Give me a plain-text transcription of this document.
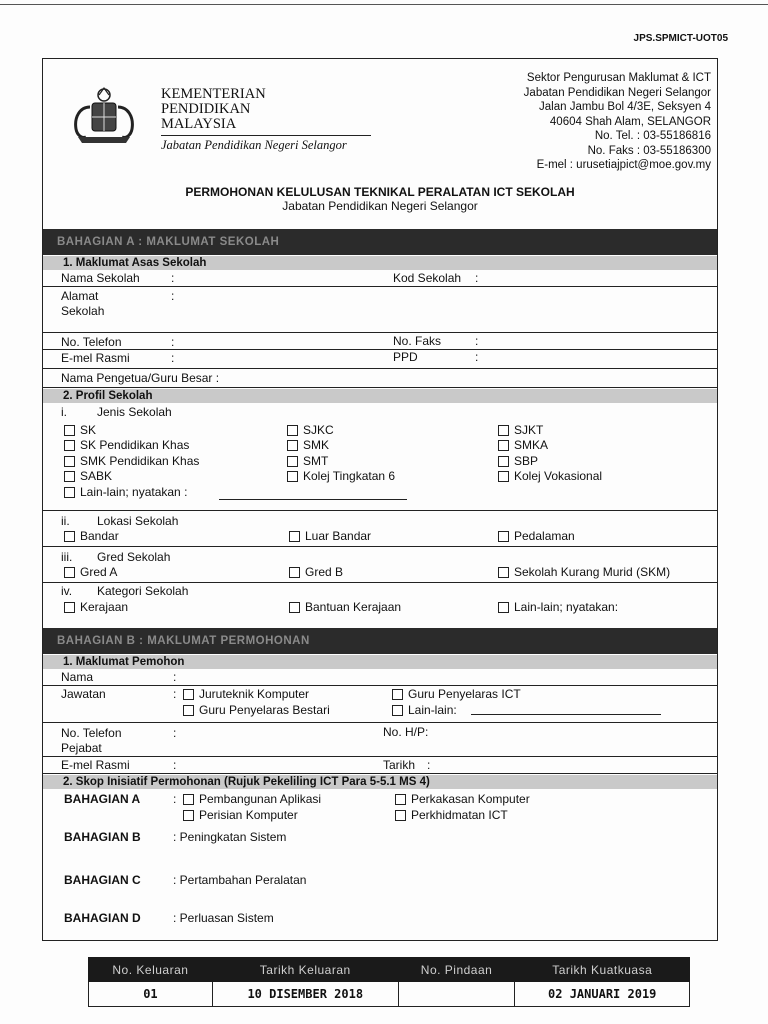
JPS.SPMICT-UOT05
KEMENTERIAN
PENDIDIKAN
MALAYSIA
Jabatan Pendidikan Negeri Selangor
Sektor Pengurusan Maklumat & ICT
Jabatan Pendidikan Negeri Selangor
Jalan Jambu Bol 4/3E, Seksyen 4
40604 Shah Alam, SELANGOR
No. Tel. : 03-55186816
No. Faks : 03-55186300
E-mel : urusetiajpict@moe.gov.my
PERMOHONAN KELULUSAN TEKNIKAL PERALATAN ICT SEKOLAH
Jabatan Pendidikan Negeri Selangor
BAHAGIAN A : MAKLUMAT SEKOLAH
1. Maklumat Asas Sekolah
Nama Sekolah	:	Kod Sekolah :
Alamat	:
Sekolah
No. Telefon	:	No. Faks	:
E-mel Rasmi	:	PPD	:
Nama Pengetua/Guru Besar :
2. Profil Sekolah
i.	Jenis Sekolah
SK
SK Pendidikan Khas
SMK Pendidikan Khas
SABK
Lain-lain; nyatakan :
SJKC
SMK
SMT
Kolej Tingkatan 6
SJKT
SMKA
SBP
Kolej Vokasional
ii. Lokasi Sekolah
Bandar	Luar Bandar	Pedalaman
iii. Gred Sekolah
Gred A	Gred B	Sekolah Kurang Murid (SKM)
iv. Kategori Sekolah
Kerajaan	Bantuan Kerajaan	Lain-lain; nyatakan:
BAHAGIAN B : MAKLUMAT PERMOHONAN
1. Maklumat Pemohon
Nama	:
Jawatan	:	Juruteknik Komputer
Guru Penyelaras Bestari
Guru Penyelaras ICT
Lain-lain:
No. Telefon
Pejabat
:	No. H/P:
E-mel Rasmi	:	Tarikh :
2. Skop Inisiatif Permohonan (Rujuk Pekeliling ICT Para 5-5.1 MS 4)
BAHAGIAN A	:	Pembangunan Aplikasi
Perisian Komputer
Perkakasan Komputer
Perkhidmatan ICT
BAHAGIAN B	: Peningkatan Sistem
BAHAGIAN C	: Pertambahan Peralatan
BAHAGIAN D	: Perluasan Sistem
No. Keluaran	Tarikh Keluaran	No. Pindaan	Tarikh Kuatkuasa
01	10 DISEMBER 2018		02 JANUARI 2019
